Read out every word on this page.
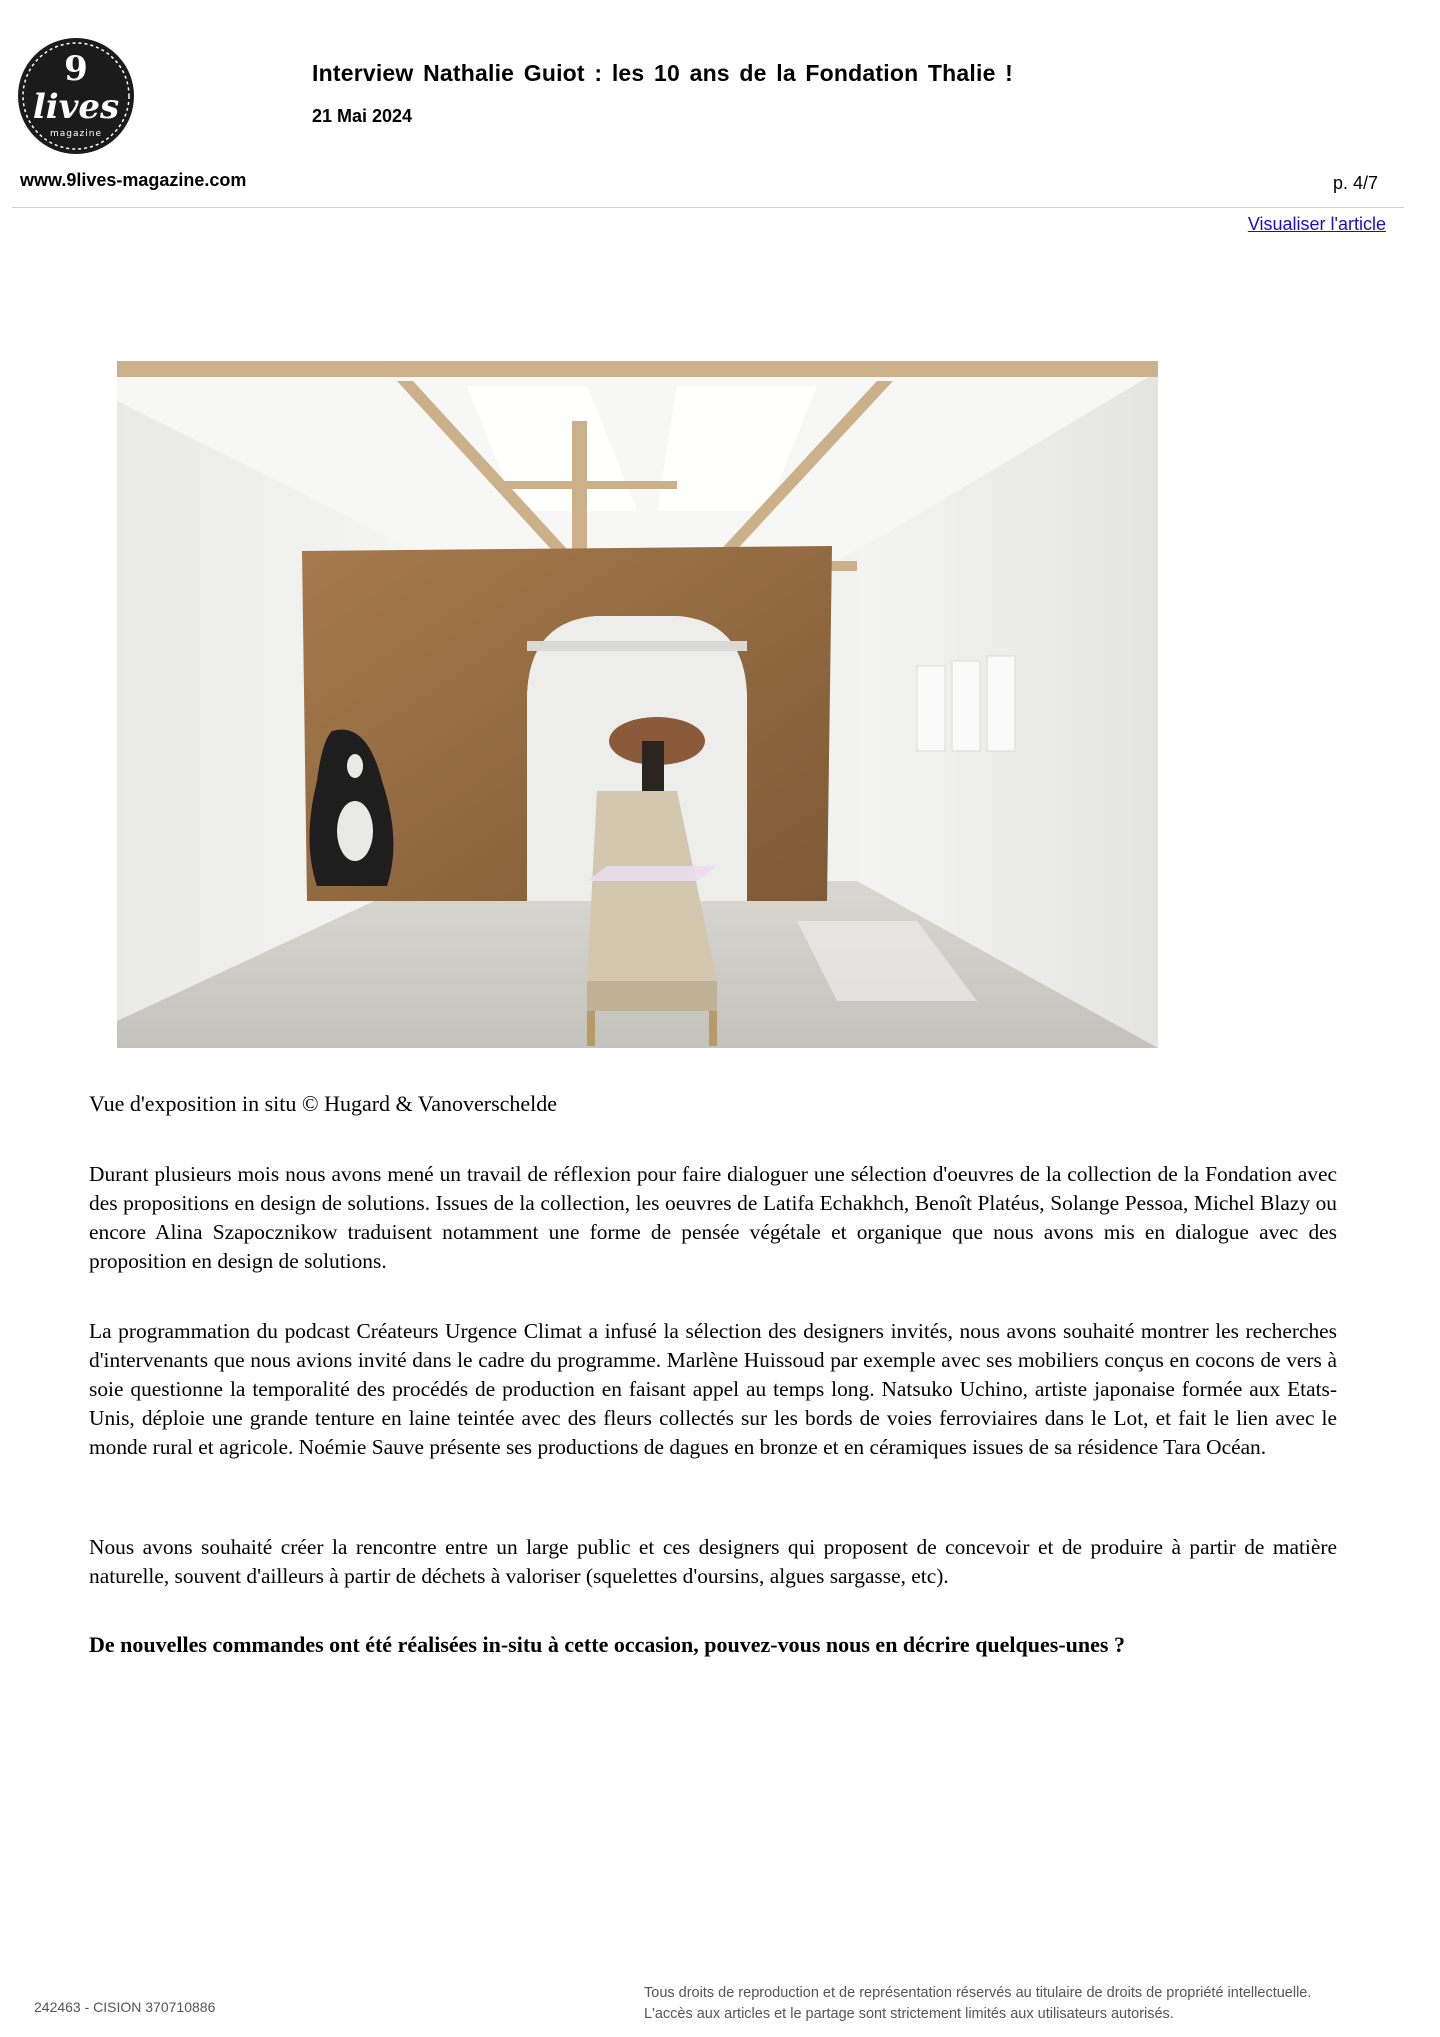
9
lives
magazine
Interview Nathalie Guiot : les 10 ans de la Fondation Thalie !
21 Mai 2024
www.9lives-magazine.com	p. 4/7
Visualiser l'article
Vue d'exposition in situ © Hugard & Vanoverschelde

Durant plusieurs mois nous avons mené un travail de réflexion pour faire dialoguer une sélection d'oeuvres de la collection de la Fondation avec des propositions en design de solutions. Issues de la collection, les oeuvres de Latifa Echakhch, Benoît Platéus, Solange Pessoa, Michel Blazy ou encore Alina Szapocznikow traduisent notamment une forme de pensée végétale et organique que nous avons mis en dialogue avec des proposition en design de solutions.

La programmation du podcast Créateurs Urgence Climat a infusé la sélection des designers invités, nous avons souhaité montrer les recherches d'intervenants que nous avions invité dans le cadre du programme. Marlène Huissoud par exemple avec ses mobiliers conçus en cocons de vers à soie questionne la temporalité des procédés de production en faisant appel au temps long. Natsuko Uchino, artiste japonaise formée aux Etats-Unis, déploie une grande tenture en laine teintée avec des fleurs collectés sur les bords de voies ferroviaires dans le Lot, et fait le lien avec le monde rural et agricole. Noémie Sauve présente ses productions de dagues en bronze et en céramiques issues de sa résidence Tara Océan.

Nous avons souhaité créer la rencontre entre un large public et ces designers qui proposent de concevoir et de produire à partir de matière naturelle, souvent d'ailleurs à partir de déchets à valoriser (squelettes d'oursins, algues sargasse, etc).

De nouvelles commandes ont été réalisées in-situ à cette occasion, pouvez-vous nous en décrire quelques-unes ?

242463 - CISION 370710886
Tous droits de reproduction et de représentation réservés au titulaire de droits de propriété intellectuelle.
L'accès aux articles et le partage sont strictement limités aux utilisateurs autorisés.
